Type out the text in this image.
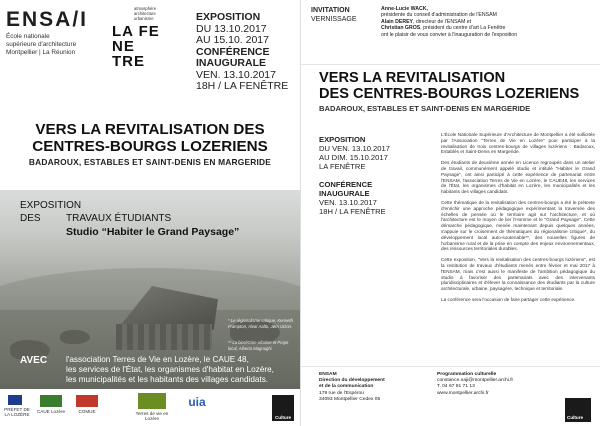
ENSA/I
École nationale
supérieure d'architecture
Montpellier | La Réunion
atmosphère
architecture
urbanisme
LA FE NE TRE
EXPOSITION
DU 13.10.2017
AU 15.10. 2017
CONFÉRENCE
INAUGURALE
VEN. 13.10.2017
18H / LA FENÊTRE
VERS LA REVITALISATION DES
CENTRES-BOURGS LOZERIENS
BADAROUX, ESTABLES ET SAINT-DENIS EN MARGERIDE
EXPOSITION
DES	TRAVAUX ÉTUDIANTS
Studio “Habiter le Grand Paysage”
* Le régionalisme critique, Kenneth Frampton, Alvar Aalto, Jørn Utzon.
** La bioréGion urbaine et Projet local, Alberto Magnaghi
AVEC l'association Terres de Vie en Lozère, le CAUE 48,
les services de l'État, les organismes d'habitat en Lozère,
les municipalités et les habitants des villages candidats.
PRÉFET DE LA LOZÈRE
CAUE Lozère	COMUE	Terres de vie en Lozère
uia
Culture
INVITATION
VERNISSAGE
Anne-Lucie WACK,
présidente du conseil d'administration de l'ENSAM
Alain DEREY, directeur de l'ENSAM et
Christian GROS, président du centre d'art La Fenêtre
ont le plaisir de vous convier à l'inauguration de l'exposition
VERS LA REVITALISATION
DES CENTRES-BOURGS LOZERIENS
BADAROUX, ESTABLES ET SAINT-DENIS EN MARGERIDE
EXPOSITION
DU VEN. 13.10.2017
AU DIM. 15.10.2017
LA FENÊTRE
CONFÉRENCE
INAUGURALE
VEN. 13.10.2017
18H / LA FENÊTRE

L'École Nationale Supérieure d'Architecture de Montpellier a été sollicitée par l'Association "Terres de Vie en Lozère" pour participer à la revitalisation de trois centres-bourgs de villages lozériens : Badaroux, Establés et Saint-Denis en Margeride.

Des étudiants de deuxième année en Licence regroupés dans un atelier de travail, communément appelé studio et intitulé "Habiter le Grand Paysage", ont ainsi participé à cette expérience de partenariat entre l'ENSAM, l'association Terres de Vie en Lozère, le CAUE48, les services de l'État, les organismes d'habitat en Lozère, les municipalités et les habitants des villages candidats.

Cette thématique de la revitalisation des centres-bourgs a été le prétexte d'enrichir une approche pédagogique expérimentant la traversée des échelles de pensée où le territoire agit sur l'architecture, et où l'architecture est le moyen de lier l'Homme et le "Grand Paysage". Cette démarche pédagogique, menée maintenant depuis quelques années, s'appuie sur le croisement de thématiques du régionalisme critique*, du développement local auto-soutenable**, des nouvelles figures de l'urbanisme rural et de la prise en compte des enjeux environnementaux, des ressources territoriales durables.

Cette exposition, "Vers la revitalisation des centres-bourgs lozériens", est la restitution de travaux d'étudiants menés entre février et mai 2017 à l'ENSAM, mais c'est aussi le manifeste de l'ambition pédagogique du studio à favoriser des partenariats avec des intervenants pluridisciplinaires et d'élever la connaissance des étudiants par la culture architecturale, urbaine, paysagère, technique et territoriale.

La conférence sera l'occasion de faire partager cette expérience.

ENSAM
Direction du développement
et de la communication
179 rue de l'Espérou
34093 Montpellier Cedex 05
Programmation culturelle
constance.naji@montpellier.archi.fr
T. 04 67 91 71 13
www.montpellier.archi.fr
Culture
